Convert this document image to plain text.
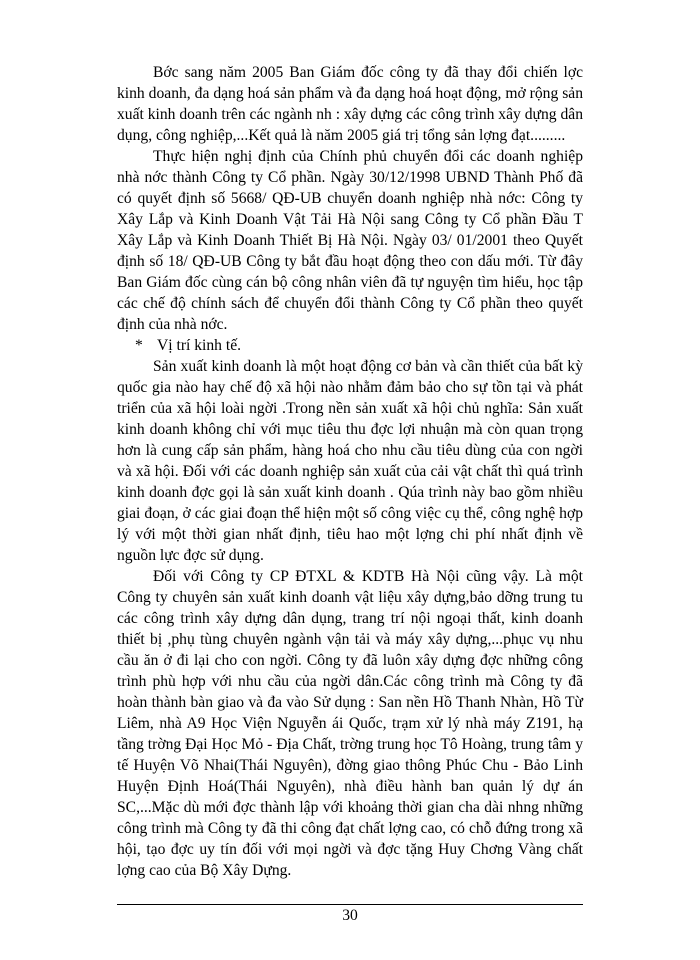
Bớc sang năm 2005 Ban Giám đốc công ty đã thay đổi chiến lợc kinh doanh, đa dạng hoá sản phẩm và đa dạng hoá hoạt động, mở rộng sản xuất kinh doanh trên các ngành nh : xây dựng các công trình xây dựng dân dụng, công nghiệp,...Kết quả là năm 2005 giá trị tổng sản lợng đạt.........

Thực hiện nghị định của Chính phủ chuyển đổi các doanh nghiệp nhà nớc thành Công ty Cổ phần. Ngày 30/12/1998 UBND Thành Phố đã có quyết định số 5668/ QĐ-UB chuyển doanh nghiệp nhà nớc: Công ty Xây Lắp và Kinh Doanh Vật Tải Hà Nội sang Công ty Cổ phần Đầu T Xây Lắp và Kinh Doanh Thiết Bị Hà Nội. Ngày 03/ 01/2001 theo Quyết định số 18/ QĐ-UB Công ty bắt đầu hoạt động theo con dấu mới. Từ đây Ban Giám đốc cùng cán bộ công nhân viên đã tự nguyện tìm hiểu, học tập các chế độ chính sách để chuyển đổi thành Công ty Cổ phần theo quyết định của nhà nớc.

* Vị trí kinh tế.

Sản xuất kinh doanh là một hoạt động cơ bản và cần thiết của bất kỳ quốc gia nào hay chế độ xã hội nào nhằm đảm bảo cho sự tồn tại và phát triển của xã hội loài ngời .Trong nền sản xuất xã hội chủ nghĩa: Sản xuất kinh doanh không chỉ với mục tiêu thu đợc lợi nhuận mà còn quan trọng hơn là cung cấp sản phẩm, hàng hoá cho nhu cầu tiêu dùng của con ngời và xã hội. Đối với các doanh nghiệp sản xuất của cải vật chất thì quá trình kinh doanh đợc gọi là sản xuất kinh doanh . Qúa trình này bao gồm nhiều giai đoạn, ở các giai đoạn thể hiện một số công việc cụ thể, công nghệ hợp lý với một thời gian nhất định, tiêu hao một lợng chi phí nhất định về nguồn lực đợc sử dụng.

Đối với Công ty CP ĐTXL & KDTB Hà Nội cũng vậy. Là một Công ty chuyên sản xuất kinh doanh vật liệu xây dựng,bảo dỡng trung tu các công trình xây dựng dân dụng, trang trí nội ngoại thất, kinh doanh thiết bị ,phụ tùng chuyên ngành vận tải và máy xây dựng,...phục vụ nhu cầu ăn ở đi lại cho con ngời. Công ty đã luôn xây dựng đợc những công trình phù hợp với nhu cầu của ngời dân.Các công trình mà Công ty đã hoàn thành bàn giao và đa vào Sử dụng : San nền Hồ Thanh Nhàn, Hồ Từ Liêm, nhà A9 Học Viện Nguyễn ái Quốc, trạm xử lý nhà máy Z191, hạ tầng trờng Đại Học Mỏ - Địa Chất, trờng trung học Tô Hoàng, trung tâm y tế Huyện Võ Nhai(Thái Nguyên), đờng giao thông Phúc Chu - Bảo Linh Huyện Định Hoá(Thái Nguyên), nhà điều hành ban quản lý dự án SC,...Mặc dù mới đợc thành lập với khoảng thời gian cha dài nhng những công trình mà Công ty đã thi công đạt chất lợng cao, có chỗ đứng trong xã hội, tạo đợc uy tín đối với mọi ngời và đợc tặng Huy Chơng Vàng chất lợng cao của Bộ Xây Dựng.

30
